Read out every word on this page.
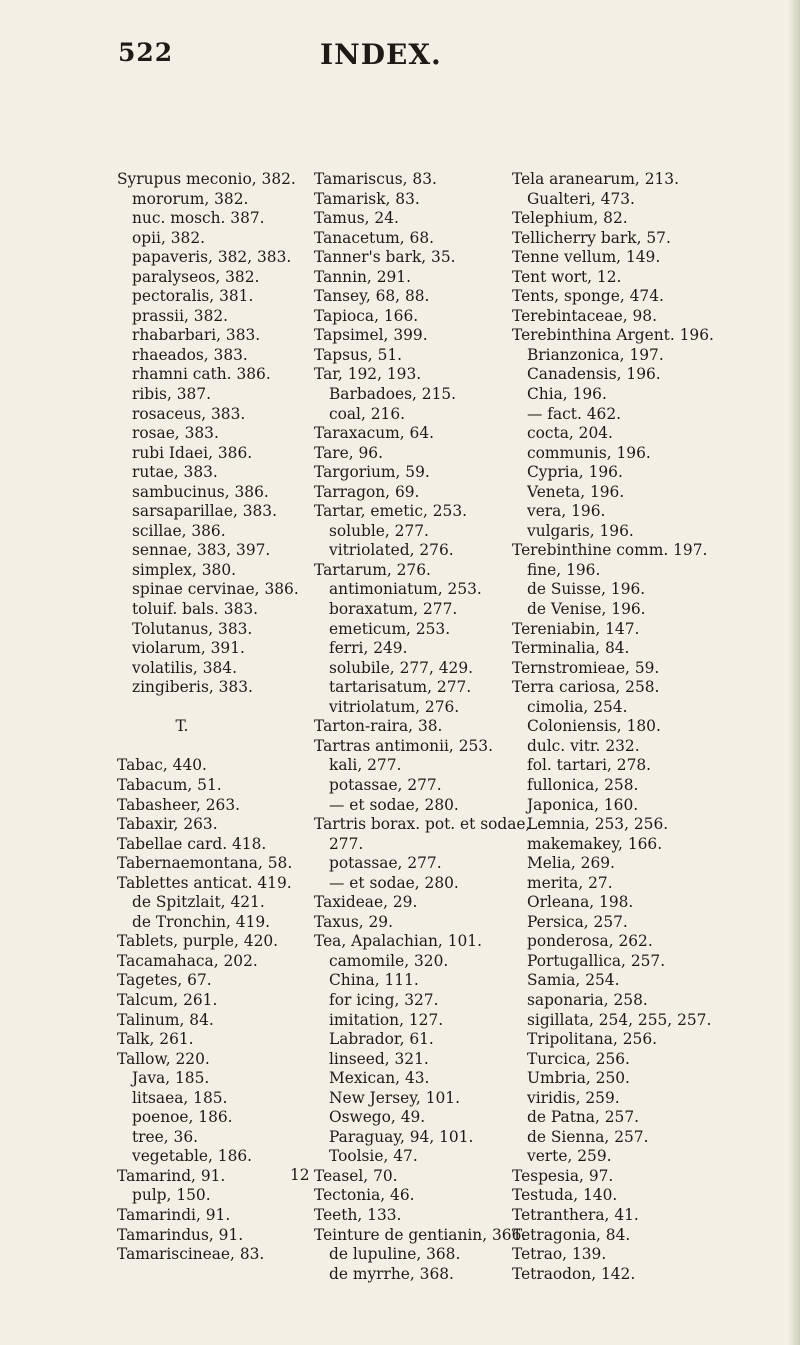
522	INDEX.
Syrupus meconio, 382.
mororum, 382.
nuc. mosch. 387.
opii, 382.
papaveris, 382, 383.
paralyseos, 382.
pectoralis, 381.
prassii, 382.
rhabarbari, 383.
rhaeados, 383.
rhamni cath. 386.
ribis, 387.
rosaceus, 383.
rosae, 383.
rubi Idaei, 386.
rutae, 383.
sambucinus, 386.
sarsaparillae, 383.
scillae, 386.
sennae, 383, 397.
simplex, 380.
spinae cervinae, 386.
toluif. bals. 383.
Tolutanus, 383.
violarum, 391.
volatilis, 384.
zingiberis, 383.
T.
Tabac, 440.
Tabacum, 51.
Tabasheer, 263.
Tabaxir, 263.
Tabellae card. 418.
Tabernaemontana, 58.
Tablettes anticat. 419.
de Spitzlait, 421.
de Tronchin, 419.
Tablets, purple, 420.
Tacamahaca, 202.
Tagetes, 67.
Talcum, 261.
Talinum, 84.
Talk, 261.
Tallow, 220.
Java, 185.
litsaea, 185.
poenoe, 186.
tree, 36.
vegetable, 186.
Tamarind, 91.
pulp, 150.
Tamarindi, 91.
Tamarindus, 91.
Tamariscineae, 83.
Tamariscus, 83.
Tamarisk, 83.
Tamus, 24.
Tanacetum, 68.
Tanner's bark, 35.
Tannin, 291.
Tansey, 68, 88.
Tapioca, 166.
Tapsimel, 399.
Tapsus, 51.
Tar, 192, 193.
Barbadoes, 215.
coal, 216.
Taraxacum, 64.
Tare, 96.
Targorium, 59.
Tarragon, 69.
Tartar, emetic, 253.
soluble, 277.
vitriolated, 276.
Tartarum, 276.
antimoniatum, 253.
boraxatum, 277.
emeticum, 253.
ferri, 249.
solubile, 277, 429.
tartarisatum, 277.
vitriolatum, 276.
Tarton-raira, 38.
Tartras antimonii, 253.
kali, 277.
potassae, 277.
— et sodae, 280.
Tartris borax. pot. et sodae,
277.
potassae, 277.
— et sodae, 280.
Taxideae, 29.
Taxus, 29.
Tea, Apalachian, 101.
camomile, 320.
China, 111.
for icing, 327.
imitation, 127.
Labrador, 61.
linseed, 321.
Mexican, 43.
New Jersey, 101.
Oswego, 49.
Paraguay, 94, 101.
Toolsie, 47.
Teasel, 70.
Tectonia, 46.
Teeth, 133.
Teinture de gentianin, 366.
de lupuline, 368.
de myrrhe, 368.
Tela aranearum, 213.
Gualteri, 473.
Telephium, 82.
Tellicherry bark, 57.
Tenne vellum, 149.
Tent wort, 12.
Tents, sponge, 474.
Terebintaceae, 98.
Terebinthina Argent. 196.
Brianzonica, 197.
Canadensis, 196.
Chia, 196.
— fact. 462.
cocta, 204.
communis, 196.
Cypria, 196.
Veneta, 196.
vera, 196.
vulgaris, 196.
Terebinthine comm. 197.
fine, 196.
de Suisse, 196.
de Venise, 196.
Tereniabin, 147.
Terminalia, 84.
Ternstromieae, 59.
Terra cariosa, 258.
cimolia, 254.
Coloniensis, 180.
dulc. vitr. 232.
fol. tartari, 278.
fullonica, 258.
Japonica, 160.
Lemnia, 253, 256.
makemakey, 166.
Melia, 269.
merita, 27.
Orleana, 198.
Persica, 257.
ponderosa, 262.
Portugallica, 257.
Samia, 254.
saponaria, 258.
sigillata, 254, 255, 257.
Tripolitana, 256.
Turcica, 256.
Umbria, 250.
viridis, 259.
de Patna, 257.
de Sienna, 257.
verte, 259.
Tespesia, 97.
Testuda, 140.
Tetranthera, 41.
Tetragonia, 84.
Tetrao, 139.
Tetraodon, 142.
12
